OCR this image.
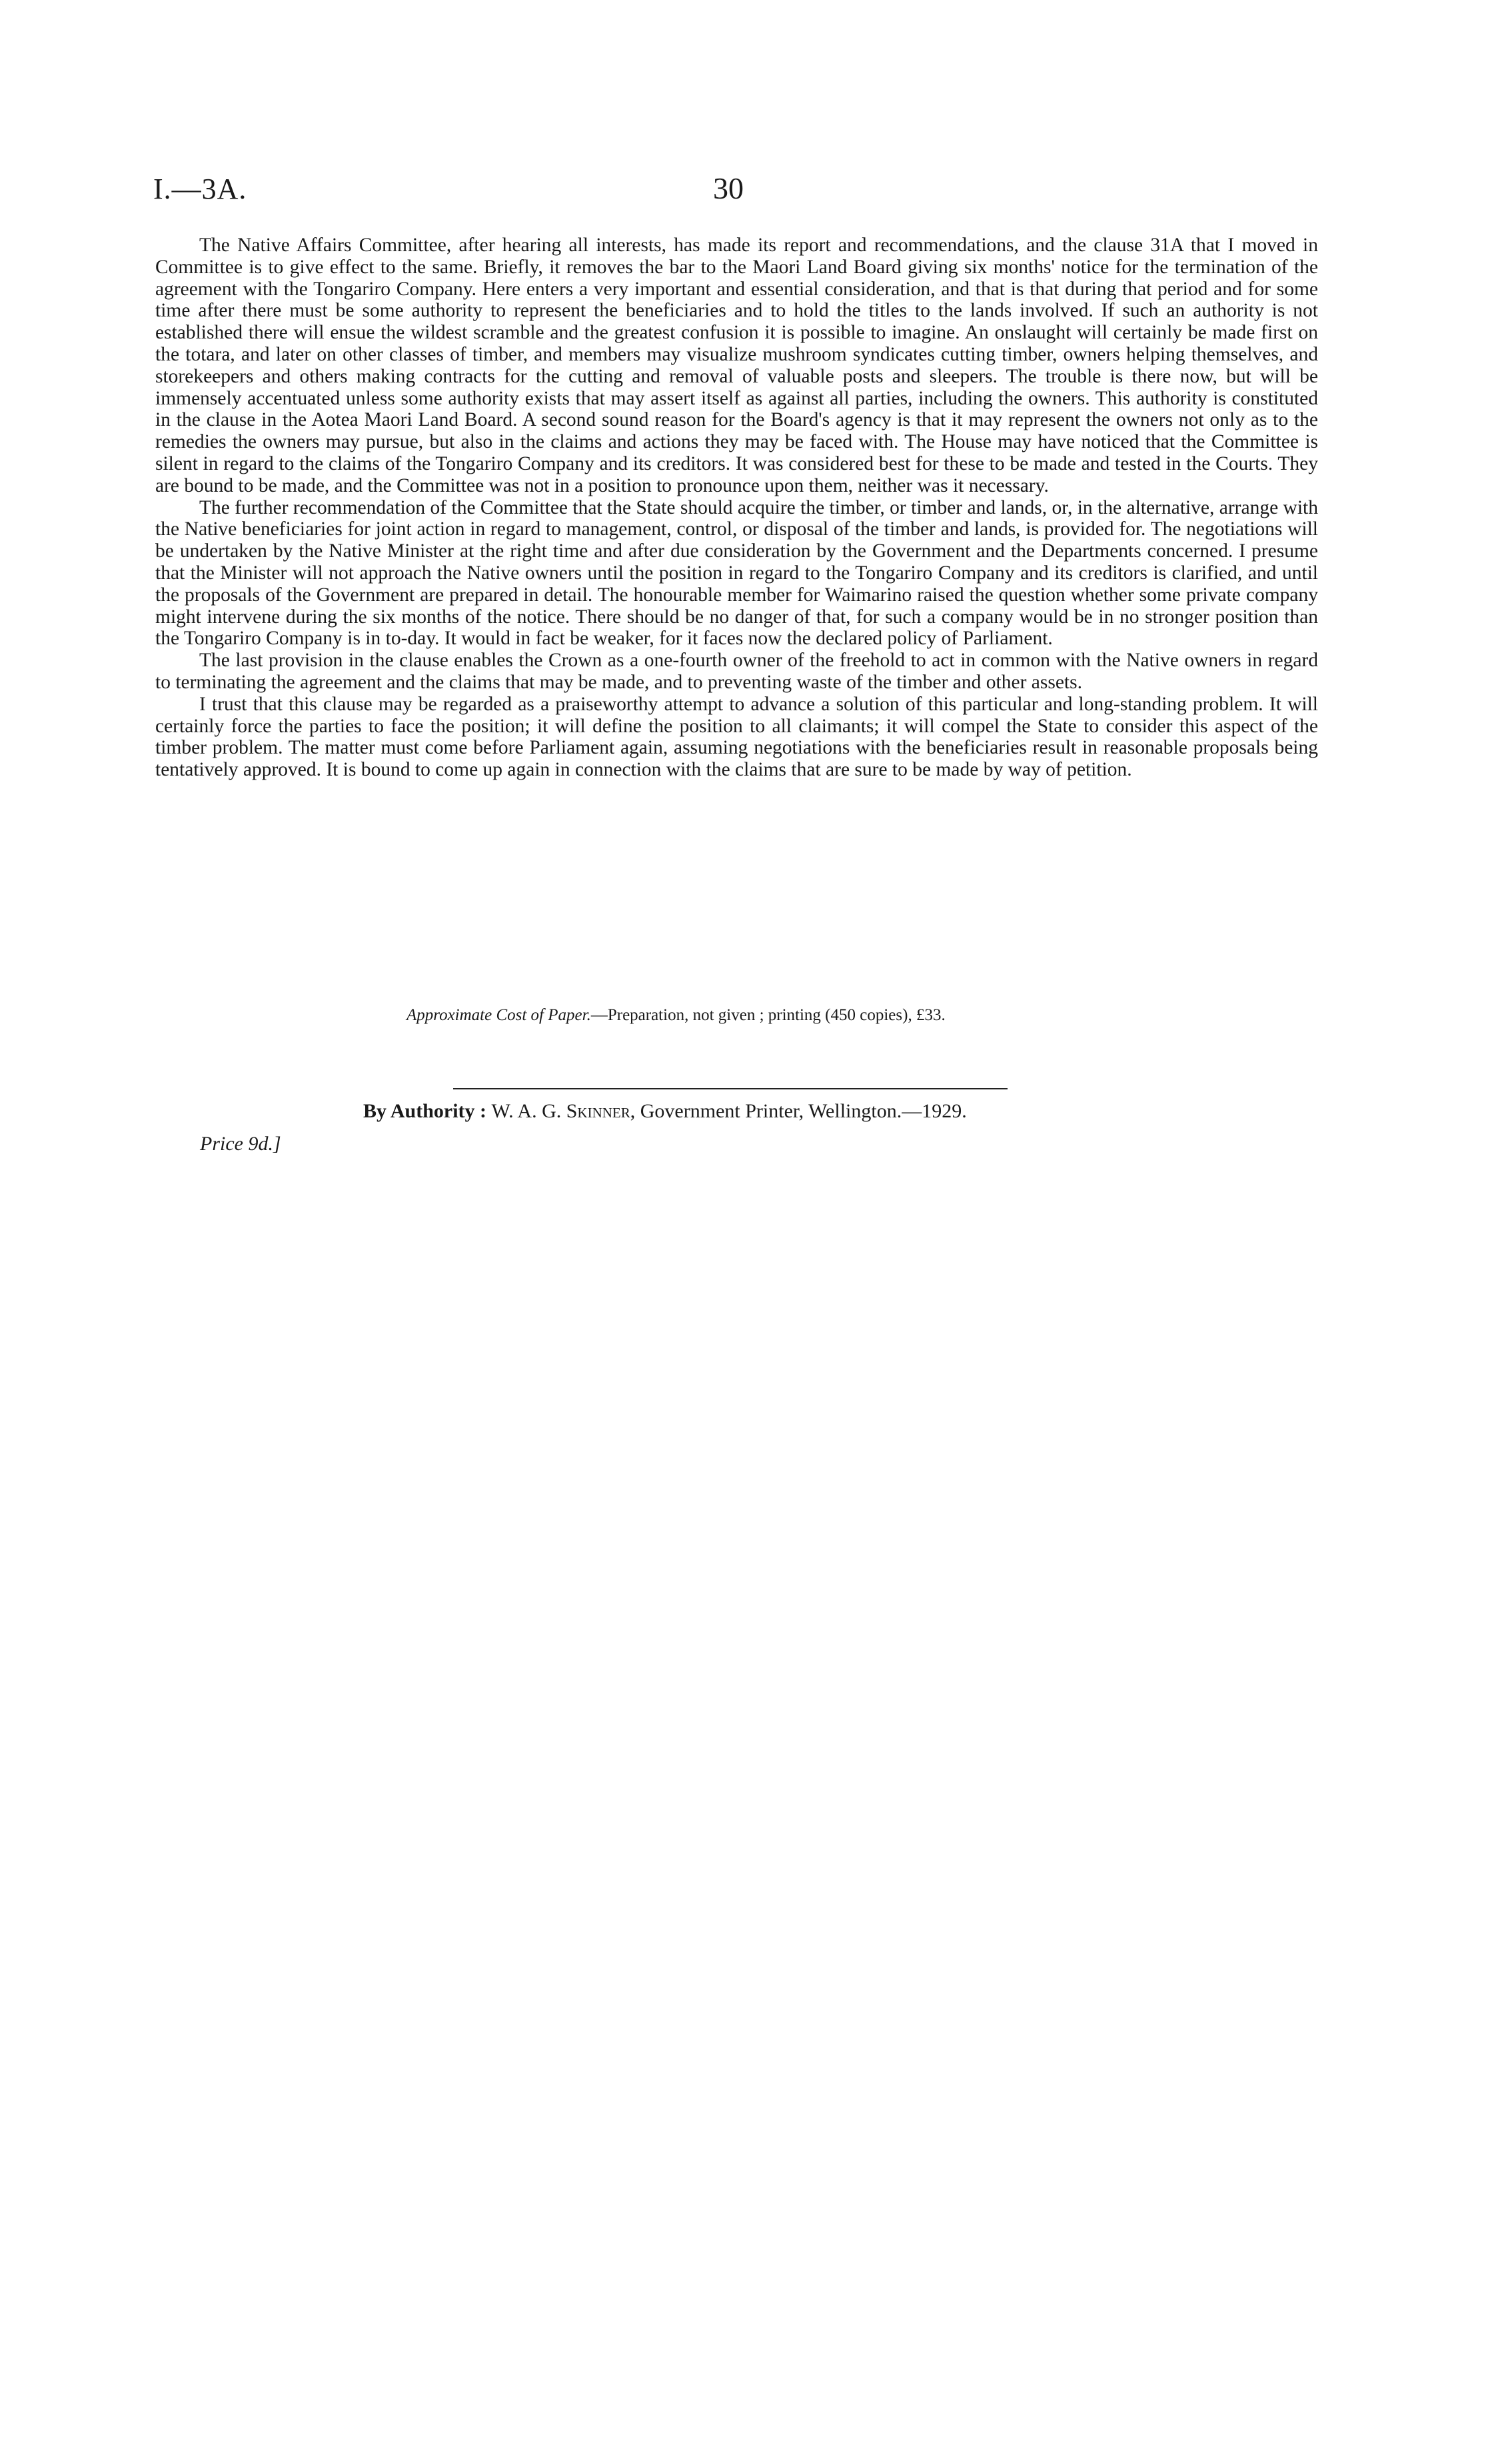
I.—3A.	30

The Native Affairs Committee, after hearing all interests, has made its report and recommendations, and the clause 31A that I moved in Committee is to give effect to the same. Briefly, it removes the bar to the Maori Land Board giving six months' notice for the termination of the agreement with the Tongariro Company. Here enters a very important and essential consideration, and that is that during that period and for some time after there must be some authority to represent the beneficiaries and to hold the titles to the lands involved. If such an authority is not established there will ensue the wildest scramble and the greatest confusion it is possible to imagine. An onslaught will certainly be made first on the totara, and later on other classes of timber, and members may visualize mushroom syndicates cutting timber, owners helping themselves, and storekeepers and others making contracts for the cutting and removal of valuable posts and sleepers. The trouble is there now, but will be immensely accentuated unless some authority exists that may assert itself as against all parties, including the owners. This authority is constituted in the clause in the Aotea Maori Land Board. A second sound reason for the Board's agency is that it may represent the owners not only as to the remedies the owners may pursue, but also in the claims and actions they may be faced with. The House may have noticed that the Committee is silent in regard to the claims of the Tongariro Company and its creditors. It was considered best for these to be made and tested in the Courts. They are bound to be made, and the Committee was not in a position to pronounce upon them, neither was it necessary.

The further recommendation of the Committee that the State should acquire the timber, or timber and lands, or, in the alternative, arrange with the Native beneficiaries for joint action in regard to management, control, or disposal of the timber and lands, is provided for. The negotiations will be undertaken by the Native Minister at the right time and after due consideration by the Government and the Departments concerned. I presume that the Minister will not approach the Native owners until the position in regard to the Tongariro Company and its creditors is clarified, and until the proposals of the Government are prepared in detail. The honourable member for Waimarino raised the question whether some private company might intervene during the six months of the notice. There should be no danger of that, for such a company would be in no stronger position than the Tongariro Company is in to-day. It would in fact be weaker, for it faces now the declared policy of Parliament.

The last provision in the clause enables the Crown as a one-fourth owner of the freehold to act in common with the Native owners in regard to terminating the agreement and the claims that may be made, and to preventing waste of the timber and other assets.

I trust that this clause may be regarded as a praiseworthy attempt to advance a solution of this particular and long-standing problem. It will certainly force the parties to face the position; it will define the position to all claimants; it will compel the State to consider this aspect of the timber problem. The matter must come before Parliament again, assuming negotiations with the beneficiaries result in reasonable proposals being tentatively approved. It is bound to come up again in connection with the claims that are sure to be made by way of petition.

Approximate Cost of Paper.—Preparation, not given ; printing (450 copies), £33.
By Authority : W. A. G. Skinner, Government Printer, Wellington.—1929.
Price 9d.]
